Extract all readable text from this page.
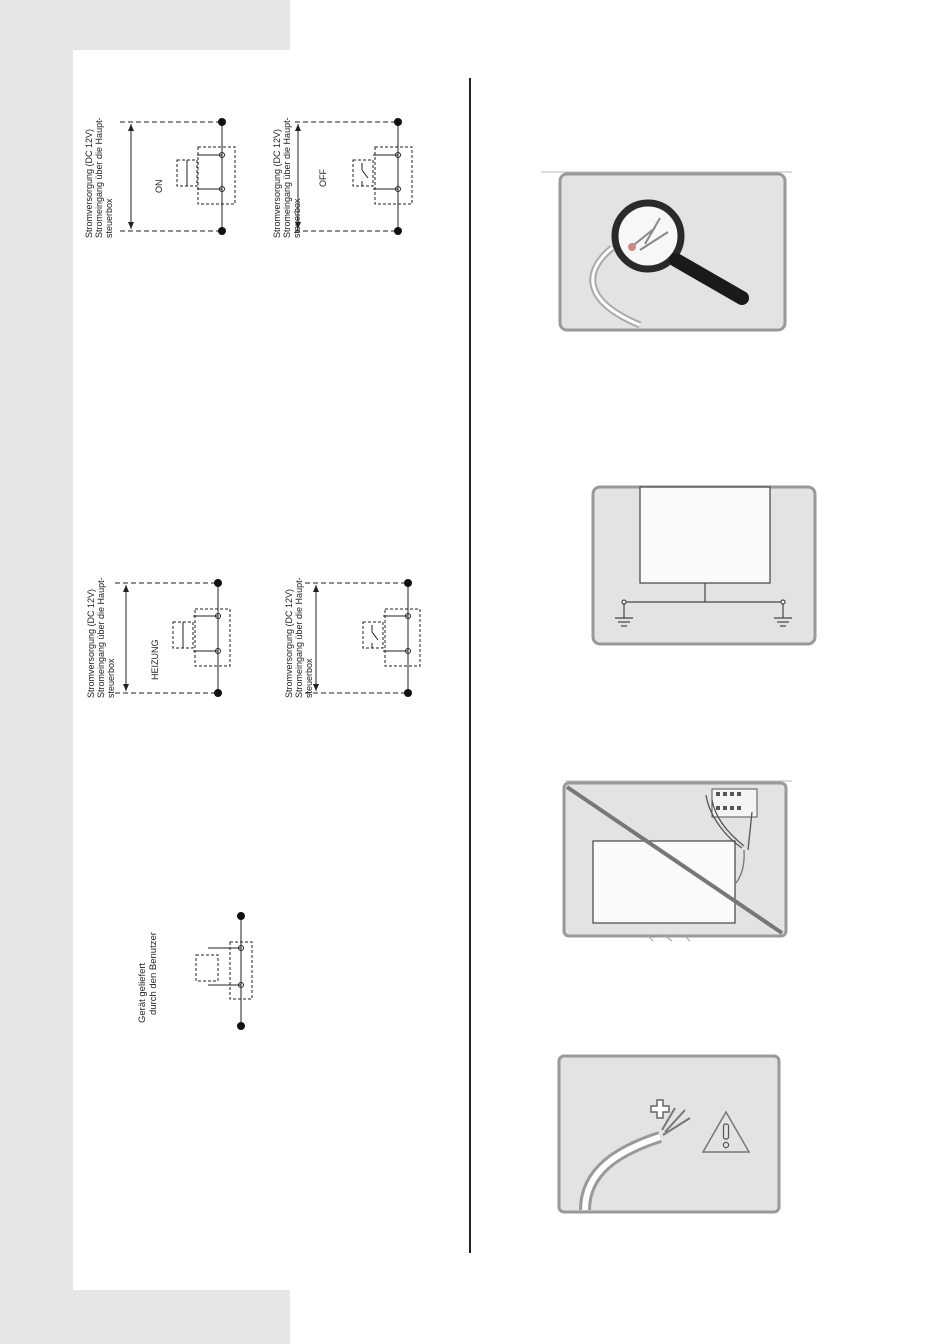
Stromversorgung (DC 12V) Stromeingang über die Haupt- steuerbox
ON	Stromversorgung (DC 12V) Stromeingang über die Haupt- steuerbox
OFF
Stromversorgung (DC 12V) Stromeingang über die Haupt- steuerbox	HEIZUNG	Stromversorgung (DC 12V) Stromeingang über die Haupt- steuerbox
Gerät geliefert durch den Benutzer
